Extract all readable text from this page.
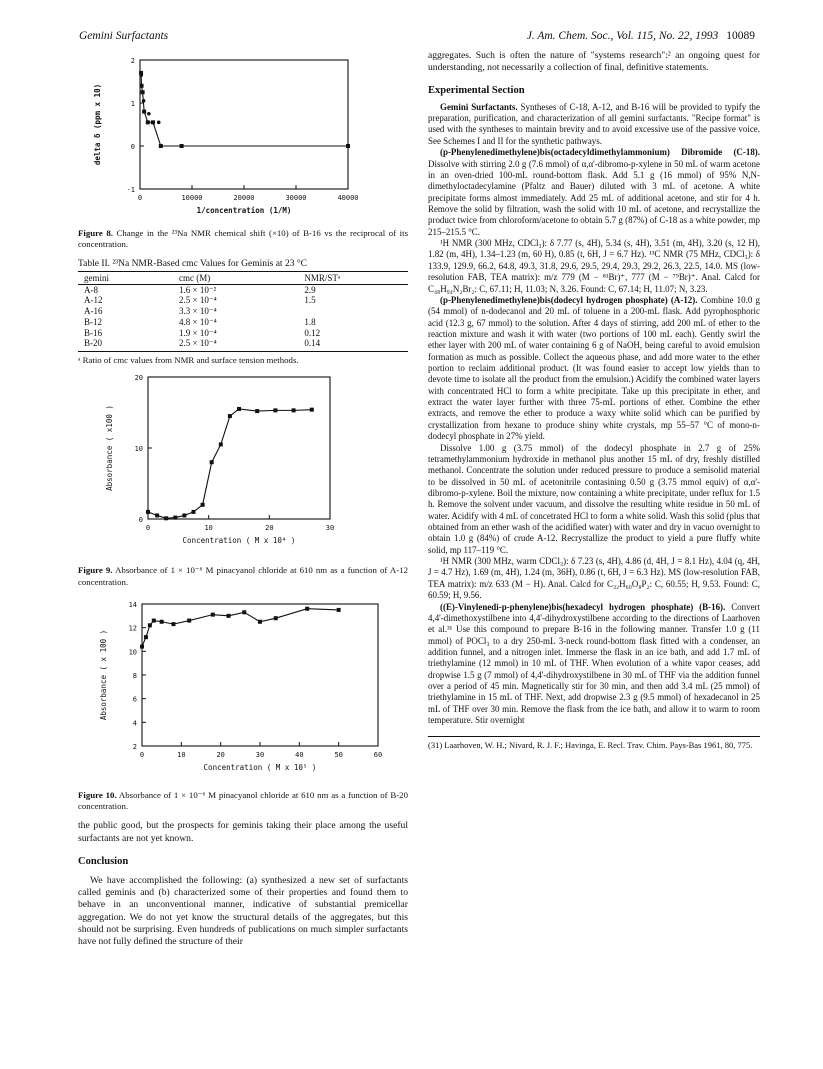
Gemini Surfactants	J. Am. Chem. Soc., Vol. 115, No. 22, 1993 10089
0	10000	20000	30000	40000
-1
0
1
2
1/concentration (1/M)
delta δ (ppm x 10)
Figure 8. Change in the ²³Na NMR chemical shift (×10) of B-16 vs the reciprocal of its concentration.
Table II. ²³Na NMR-Based cmc Values for Geminis at 23 °C
gemini	cmc (M)	NMR/STᵃ
A-8	1.6 × 10⁻²	2.9
A-12	2.5 × 10⁻⁴	1.5
A-16	3.3 × 10⁻⁴	
B-12	4.8 × 10⁻⁴	1.8
B-16	1.9 × 10⁻⁴	0.12
B-20	2.5 × 10⁻⁴	0.14
ᵃ Ratio of cmc values from NMR and surface tension methods.
0	10	20	30
0
10
20
Concentration ( M x 10⁴ )
Absorbance ( x100 )
Figure 9. Absorbance of 1 × 10⁻⁶ M pinacyanol chloride at 610 nm as a function of A-12 concentration.
0	10	20	30	40	50	60
2
4
6
8
10
12
14
Concentration ( M x 10⁵ )
Absorbance ( x 100 )
Figure 10. Absorbance of 1 × 10⁻⁶ M pinacyanol chloride at 610 nm as a function of B-20 concentration.

the public good, but the prospects for geminis taking their place among the useful surfactants are not yet known.

Conclusion

We have accomplished the following: (a) synthesized a new set of surfactants called geminis and (b) characterized some of their properties and found them to behave in an unconventional manner, indicative of substantial premicellar aggregation. We do not yet know the structural details of the aggregates, but this should not be surprising. Even hundreds of publications on much simpler surfactants have not fully defined the structure of their

aggregates. Such is often the nature of "systems research":² an ongoing quest for understanding, not necessarily a collection of final, definitive statements.

Experimental Section

Gemini Surfactants. Syntheses of C-18, A-12, and B-16 will be provided to typify the preparation, purification, and characterization of all gemini surfactants. "Recipe format" is used with the syntheses to maintain brevity and to avoid excessive use of the passive voice. See Schemes I and II for the synthetic pathways.

(p-Phenylenedimethylene)bis(octadecyldimethylammonium) Dibromide (C-18). Dissolve with stirring 2.0 g (7.6 mmol) of α,α'-dibromo-p-xylene in 50 mL of warm acetone in an oven-dried 100-mL round-bottom flask. Add 5.1 g (16 mmol) of 95% N,N-dimethyloctadecylamine (Pfaltz and Bauer) diluted with 3 mL of acetone. A white precipitate forms almost immediately. Add 25 mL of additional acetone, and stir for 4 h. Remove the solid by filtration, wash the solid with 10 mL of acetone, and recrystallize the product twice from chloroform/acetone to obtain 5.7 g (87%) of C-18 as a white powder, mp 215–215.5 °C.

¹H NMR (300 MHz, CDCl₃): δ 7.77 (s, 4H), 5.34 (s, 4H), 3.51 (m, 4H), 3.20 (s, 12 H), 1.82 (m, 4H), 1.34–1.23 (m, 60 H), 0.85 (t, 6H, J = 6.7 Hz). ¹³C NMR (75 MHz, CDCl₃): δ 133.9, 129.9, 66.2, 64.8, 49.3, 31.8, 29.6, 29.5, 29.4, 29.3, 29.2, 26.3, 22.5, 14.0. MS (low-resolution FAB, TEA matrix): m/z 779 (M − ⁸¹Br)⁺, 777 (M − ⁷⁹Br)⁺. Anal. Calcd for C₄₈H₉₄N₂Br₂: C, 67.11; H, 11.03; N, 3.26. Found: C, 67.14; H, 11.07; N, 3.23.

(p-Phenylenedimethylene)bis(dodecyl hydrogen phosphate) (A-12). Combine 10.0 g (54 mmol) of n-dodecanol and 20 mL of toluene in a 200-mL flask. Add pyrophosphoric acid (12.3 g, 67 mmol) to the solution. After 4 days of stirring, add 200 mL of ether to the reaction mixture and wash it with water (two portions of 100 mL each). Gently swirl the ether layer with 200 mL of water containing 6 g of NaOH, being careful to avoid emulsion formation as much as possible. Collect the aqueous phase, and add more water to the ether portion to reclaim additional product. (It was found easier to accept low yields than to devote time to isolate all the product from the emulsion.) Acidify the combined water layers with concentrated HCl to form a white precipitate. Take up this precipitate in ether, and extract the water layer further with three 75-mL portions of ether. Combine the ether extracts, and remove the ether to produce a waxy white solid which can be purified by crystallization from hexane to produce shiny white crystals, mp 55–57 °C of mono-n-dodecyl phosphate in 27% yield.

Dissolve 1.00 g (3.75 mmol) of the dodecyl phosphate in 2.7 g of 25% tetramethylammonium hydroxide in methanol plus another 15 mL of dry, freshly distilled methanol. Concentrate the solution under reduced pressure to produce a semisolid material to be dissolved in 50 mL of acetonitrile contasining 0.50 g (3.75 mmol equiv) of α,α'-dibromo-p-xylene. Boil the mixture, now containing a white precipitate, under reflux for 1.5 h. Remove the solvent under vacuum, and dissolve the resulting white residue in 50 mL of water. Acidify with 4 mL of concetrated HCl to form a white solid. Wash this solid (plus that obtained from an ether wash of the acidified water) with water and dry in vacuo overnight to obtain 1.0 g (84%) of crude A-12. Recrystallize the product to yield a pure fluffy white solid, mp 117–119 °C.

¹H NMR (300 MHz, warm CDCl₃): δ 7.23 (s, 4H), 4.86 (d, 4H, J = 8.1 Hz), 4.04 (q, 4H, J = 4.7 Hz), 1.69 (m, 4H), 1.24 (m, 36H), 0.86 (t, 6H, J = 6.3 Hz). MS (low-resolution FAB, TEA matrix): m/z 633 (M − H). Anal. Calcd for C₃₂H₆₀O₈P₂: C, 60.55; H, 9.53. Found: C, 60.59; H, 9.56.

((E)-Vinylenedi-p-phenylene)bis(hexadecyl hydrogen phosphate) (B-16). Convert 4,4'-dimethoxystilbene into 4,4'-dihydroxystilbene according to the directions of Laarhoven et al.³¹ Use this compound to prepare B-16 in the following manner. Transfer 1.0 g (11 mmol) of POCl₃ to a dry 250-mL 3-neck round-bottom flask fitted with a condenser, an addition funnel, and a nitrogen inlet. Immerse the flask in an ice bath, and add 1.7 mL of triethylamine (12 mmol) in 10 mL of THF. When evolution of a white vapor ceases, add dropwise 1.5 g (7 mmol) of 4,4'-dihydroxystilbene in 30 mL of THF via the addition funnel over a period of 45 min. Magnetically stir for 30 min, and then add 3.4 mL (25 mmol) of triethylamine in 15 mL of THF. Next, add dropwise 2.3 g (9.5 mmol) of hexadecanol in 25 mL of THF over 30 min. Remove the flask from the ice bath, and allow it to warm to room temperature. Stir overnight

(31) Laarhoven, W. H.; Nivard, R. J. F.; Havinga, E. Recl. Trav. Chim. Pays-Bas 1961, 80, 775.
